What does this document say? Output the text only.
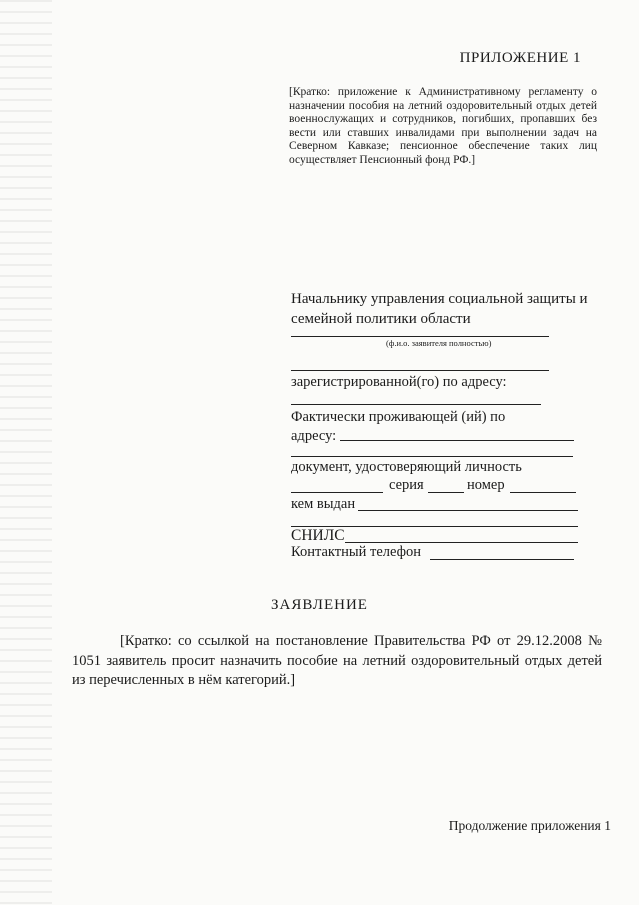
ПРИЛОЖЕНИЕ 1
[Кратко: приложение к Административному регламенту о назначении пособия на летний оздоровительный отдых детей военнослужащих и сотрудников, погибших, пропавших без вести или ставших инвалидами при выполнении задач на Северном Кавказе; пенсионное обеспечение таких лиц осуществляет Пенсионный фонд РФ.]
Начальнику управления социальной защиты и семейной политики области
(ф.и.о. заявителя полностью)
зарегистрированной(го) по адресу:
Фактически проживающей (ий) по
адресу:
документ, удостоверяющий личность
серия	номер
кем выдан
СНИЛС
Контактный телефон
ЗАЯВЛЕНИЕ
[Кратко: со ссылкой на постановление Правительства РФ от 29.12.2008 № 1051 заявитель просит назначить пособие на летний оздоровительный отдых детей из перечисленных в нём категорий.]
Продолжение приложения 1
